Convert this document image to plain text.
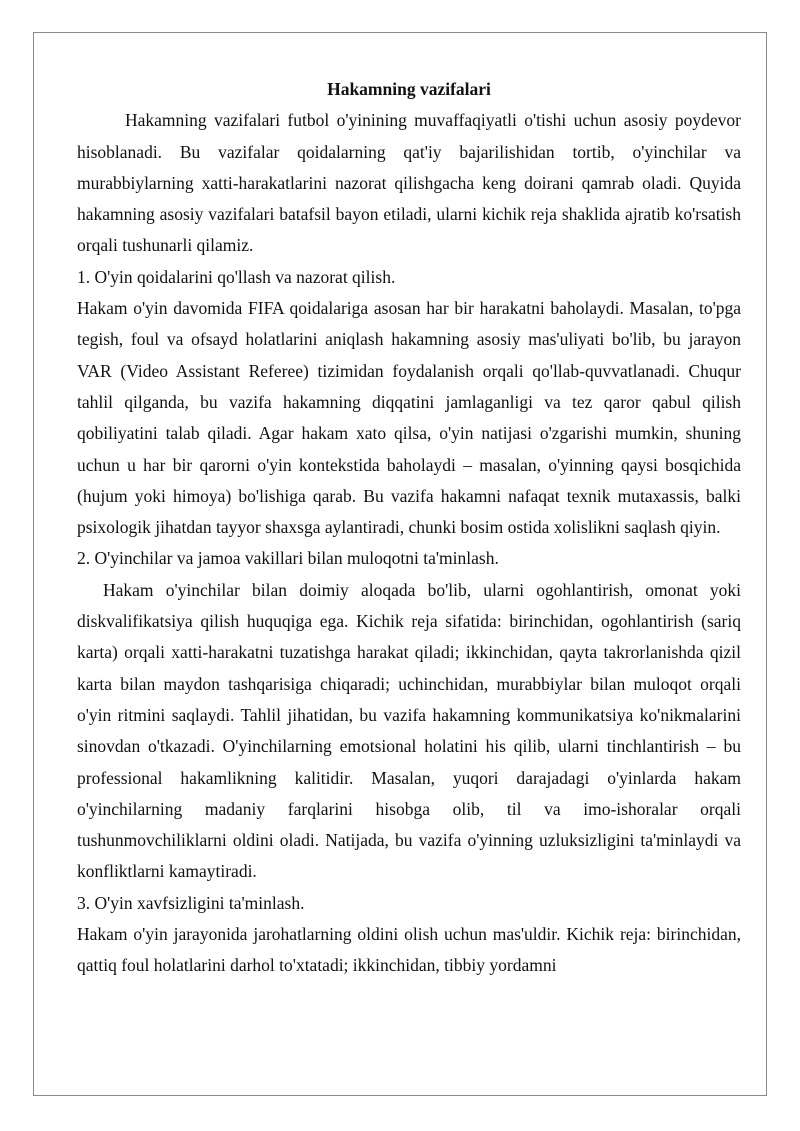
Hakamning vazifalari

Hakamning vazifalari futbol o'yinining muvaffaqiyatli o'tishi uchun asosiy poydevor hisoblanadi. Bu vazifalar qoidalarning qat'iy bajarilishidan tortib, o'yinchilar va murabbiylarning xatti-harakatlarini nazorat qilishgacha keng doirani qamrab oladi. Quyida hakamning asosiy vazifalari batafsil bayon etiladi, ularni kichik reja shaklida ajratib ko'rsatish orqali tushunarli qilamiz.

1. O'yin qoidalarini qo'llash va nazorat qilish.

Hakam o'yin davomida FIFA qoidalariga asosan har bir harakatni baholaydi. Masalan, to'pga tegish, foul va ofsayd holatlarini aniqlash hakamning asosiy mas'uliyati bo'lib, bu jarayon VAR (Video Assistant Referee) tizimidan foydalanish orqali qo'llab-quvvatlanadi. Chuqur tahlil qilganda, bu vazifa hakamning diqqatini jamlaganligi va tez qaror qabul qilish qobiliyatini talab qiladi. Agar hakam xato qilsa, o'yin natijasi o'zgarishi mumkin, shuning uchun u har bir qarorni o'yin kontekstida baholaydi – masalan, o'yinning qaysi bosqichida (hujum yoki himoya) bo'lishiga qarab. Bu vazifa hakamni nafaqat texnik mutaxassis, balki psixologik jihatdan tayyor shaxsga aylantiradi, chunki bosim ostida xolislikni saqlash qiyin.

2. O'yinchilar va jamoa vakillari bilan muloqotni ta'minlash.

Hakam o'yinchilar bilan doimiy aloqada bo'lib, ularni ogohlantirish, omonat yoki diskvalifikatsiya qilish huquqiga ega. Kichik reja sifatida: birinchidan, ogohlantirish (sariq karta) orqali xatti-harakatni tuzatishga harakat qiladi; ikkinchidan, qayta takrorlanishda qizil karta bilan maydon tashqarisiga chiqaradi; uchinchidan, murabbiylar bilan muloqot orqali o'yin ritmini saqlaydi. Tahlil jihatidan, bu vazifa hakamning kommunikatsiya ko'nikmalarini sinovdan o'tkazadi. O'yinchilarning emotsional holatini his qilib, ularni tinchlantirish – bu professional hakamlikning kalitidir. Masalan, yuqori darajadagi o'yinlarda hakam o'yinchilarning madaniy farqlarini hisobga olib, til va imo-ishoralar orqali tushunmovchiliklarni oldini oladi. Natijada, bu vazifa o'yinning uzluksizligini ta'minlaydi va konfliktlarni kamaytiradi.

3. O'yin xavfsizligini ta'minlash.

Hakam o'yin jarayonida jarohatlarning oldini olish uchun mas'uldir. Kichik reja: birinchidan, qattiq foul holatlarini darhol to'xtatadi; ikkinchidan, tibbiy yordamni
